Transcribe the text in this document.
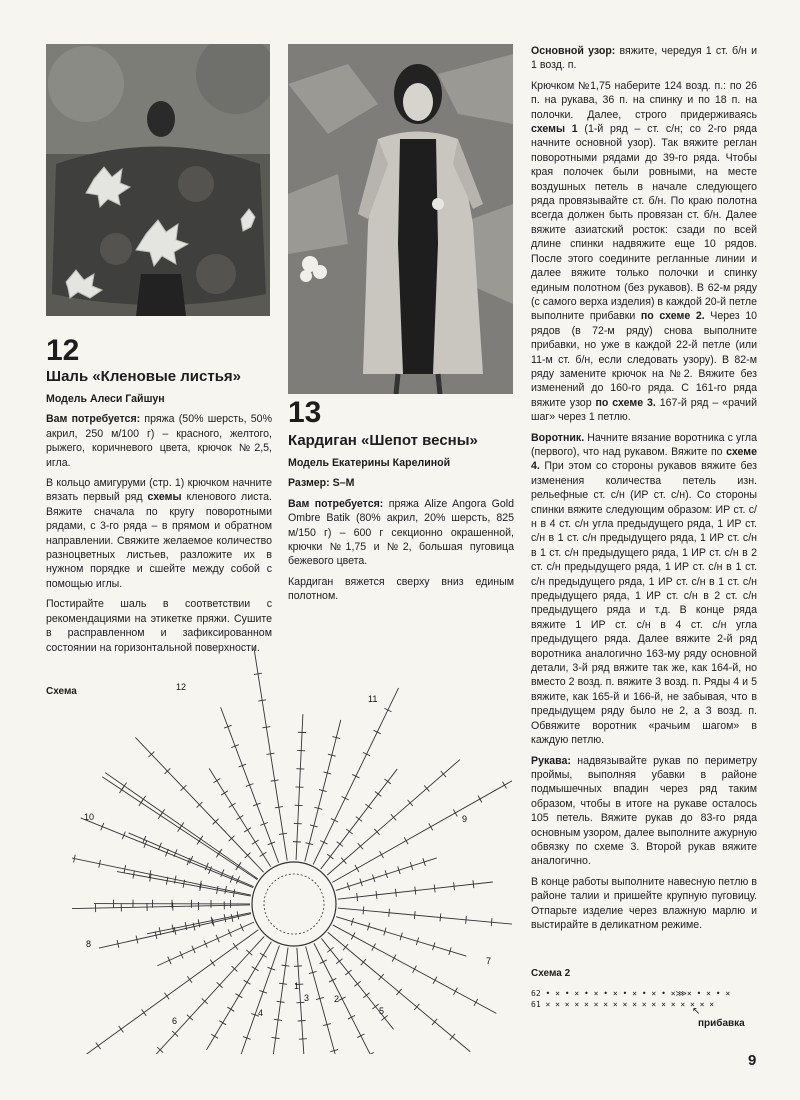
12
Шаль «Кленовые листья»

Модель Алеси Гайшун

Вам потребуется: пряжа (50% шерсть, 50% акрил, 250 м/100 г) – красного, желтого, рыжего, коричневого цвета, крючок №2,5, игла.

В кольцо амигуруми (стр. 1) крючком начните вязать первый ряд схемы кленового листа. Вяжите сначала по кругу поворотными рядами, с 3-го ряда – в прямом и обратном направлении. Свяжите желаемое количество разноцветных листьев, разложите их в нужном порядке и сшейте между собой с помощью иглы.

Постирайте шаль в соответствии с рекомендациями на этикетке пряжи. Сушите в расправленном и зафиксированном состоянии на горизонтальной поверхности.

Схема
1
2
3
4	5
6
7
8
9
10
11
12
13
Кардиган «Шепот весны»

Модель Екатерины Карелиной

Размер: S–M

Вам потребуется: пряжа Alize Angora Gold Ombre Batik (80% акрил, 20% шерсть, 825 м/150 г) – 600 г секционно окрашенной, крючки №1,75 и №2, большая пуговица бежевого цвета.

Кардиган вяжется сверху вниз единым полотном.

Основной узор: вяжите, чередуя 1 ст. б/н и 1 возд. п.

Крючком №1,75 наберите 124 возд. п.: по 26 п. на рукава, 36 п. на спинку и по 18 п. на полочки. Далее, строго придерживаясь схемы 1 (1-й ряд – ст. с/н; со 2-го ряда начните основной узор). Так вяжите реглан поворотными рядами до 39-го ряда. Чтобы края полочек были ровными, на месте воздушных петель в начале следующего ряда провязывайте ст. б/н. По краю полотна всегда должен быть провязан ст. б/н. Далее вяжите азиатский росток: сзади по всей длине спинки надвяжите еще 10 рядов. После этого соедините регланные линии и далее вяжите только полочки и спинку единым полотном (без рукавов). В 62-м ряду (с самого верха изделия) в каждой 20-й петле выполните прибавки по схеме 2. Через 10 рядов (в 72-м ряду) снова выполните прибавки, но уже в каждой 22-й петле (или 11-м ст. б/н, если следовать узору). В 82-м ряду замените крючок на №2. Вяжите без изменений до 160-го ряда. С 161-го ряда вяжите узор по схеме 3. 167-й ряд – «рачий шаг» через 1 петлю.

Воротник. Начните вязание воротника с угла (первого), что над рукавом. Вяжите по схеме 4. При этом со стороны рукавов вяжите без изменения количества петель изн. рельефные ст. с/н (ИР ст. с/н). Со стороны спинки вяжите следующим образом: ИР ст. с/н в 4 ст. с/н угла предыдущего ряда, 1 ИР ст. с/н в 1 ст. с/н предыдущего ряда, 1 ИР ст. с/н в 1 ст. с/н предыдущего ряда, 1 ИР ст. с/н в 2 ст. с/н предыдущего ряда, 1 ИР ст. с/н в 1 ст. с/н предыдущего ряда, 1 ИР ст. с/н в 1 ст. с/н предыдущего ряда, 1 ИР ст. с/н в 2 ст. с/н предыдущего ряда и т.д. В конце ряда вяжите 1 ИР ст. с/н в 4 ст. с/н угла предыдущего ряда. Далее вяжите 2-й ряд воротника аналогично 163-му ряду основной детали, 3-й ряд вяжите так же, как 164-й, но вместо 2 возд. п. вяжите 3 возд. п. Ряды 4 и 5 вяжите, как 165-й и 166-й, не забывая, что в предыдущем ряду было не 2, а 3 возд. п. Обвяжите воротник «рачьим шагом» в каждую петлю.

Рукава: надвязывайте рукав по периметру проймы, выполняя убавки в районе подмышечных впадин через ряд таким образом, чтобы в итоге на рукаве осталось 105 петель. Вяжите рукав до 83-го ряда основным узором, далее выполните ажурную обвязку по схеме 3. Второй рукав вяжите аналогично.

В конце работы выполните навесную петлю в районе талии и пришейте крупную пуговицу. Отпарьте изделие через влажную марлю и выстирайте в деликатном режиме.

Схема 2
62 • × • × • × • × • × • × • ×⋙× • × • ×
61 × × × × × × × × × × × × × × × × × ×
↖
прибавка
9
